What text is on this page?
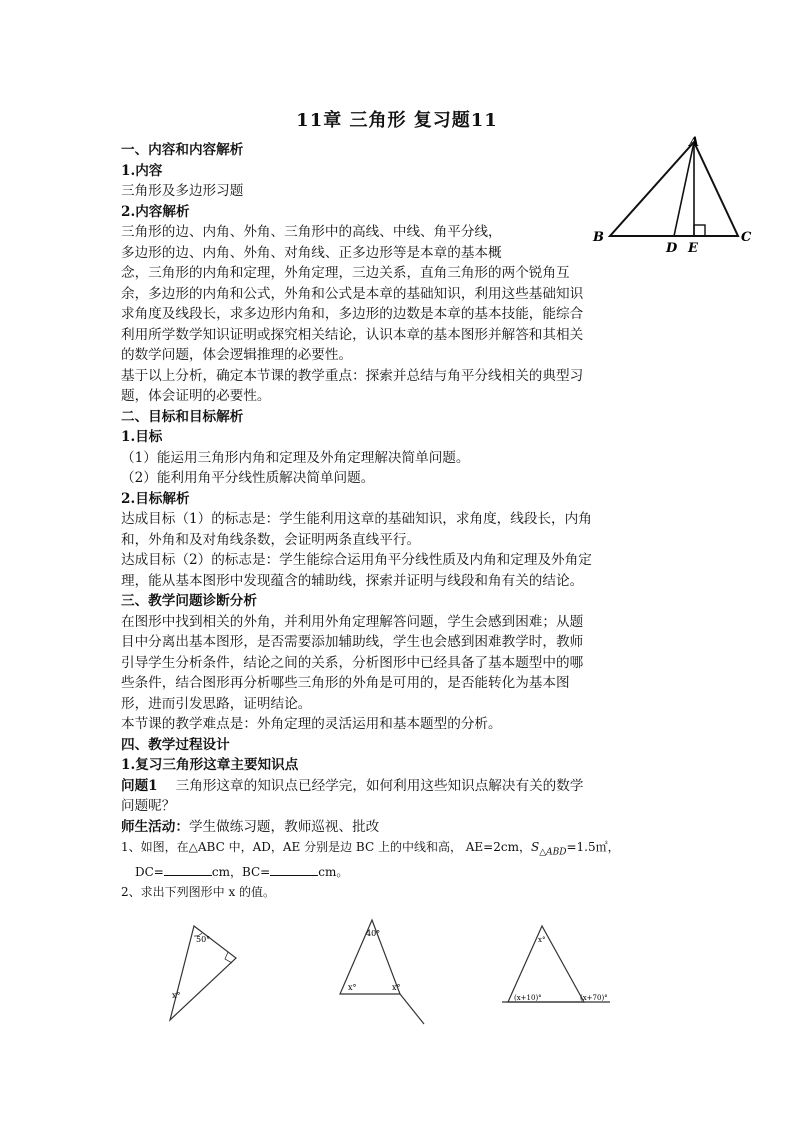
11章 三角形 复习题11
A
B	C
D E

一、内容和内容解析

1.内容

三角形及多边形习题

2.内容解析

三角形的边、内角、外角、三角形中的高线、中线、角平分线，

多边形的边、内角、外角、对角线、正多边形等是本章的基本概

念，三角形的内角和定理，外角定理，三边关系，直角三角形的两个锐角互

余，多边形的内角和公式，外角和公式是本章的基础知识，利用这些基础知识

求角度及线段长，求多边形内角和，多边形的边数是本章的基本技能，能综合

利用所学数学知识证明或探究相关结论，认识本章的基本图形并解答和其相关

的数学问题，体会逻辑推理的必要性。

基于以上分析，确定本节课的教学重点：探索并总结与角平分线相关的典型习

题，体会证明的必要性。

二、目标和目标解析

1.目标

（1）能运用三角形内角和定理及外角定理解决简单问题。

（2）能利用角平分线性质解决简单问题。

2.目标解析

达成目标（1）的标志是：学生能利用这章的基础知识，求角度，线段长，内角

和，外角和及对角线条数，会证明两条直线平行。

达成目标（2）的标志是：学生能综合运用角平分线性质及内角和定理及外角定

理，能从基本图形中发现蕴含的辅助线，探索并证明与线段和角有关的结论。

三、教学问题诊断分析

在图形中找到相关的外角，并利用外角定理解答问题，学生会感到困难；从题

目中分离出基本图形，是否需要添加辅助线，学生也会感到困难教学时，教师

引导学生分析条件，结论之间的关系，分析图形中已经具备了基本题型中的哪

些条件，结合图形再分析哪些三角形的外角是可用的，是否能转化为基本图

形，进而引发思路，证明结论。

本节课的教学难点是：外角定理的灵活运用和基本题型的分析。

四、教学过程设计

1.复习三角形这章主要知识点

问题1 三角形这章的知识点已经学完，如何利用这些知识点解决有关的数学

问题呢？

师生活动：学生做练习题，教师巡视、批改

1、如图，在△ABC 中，AD，AE 分别是边 BC 上的中线和高， AE=2cm，$S_{\triangle ABD}=1.5㎡$，

DC=	cm，BC=	cm。

2、求出下列图形中 x 的值。

50°
x°
40°
x°	x°
x°
(x+10)°	(x+70)°
